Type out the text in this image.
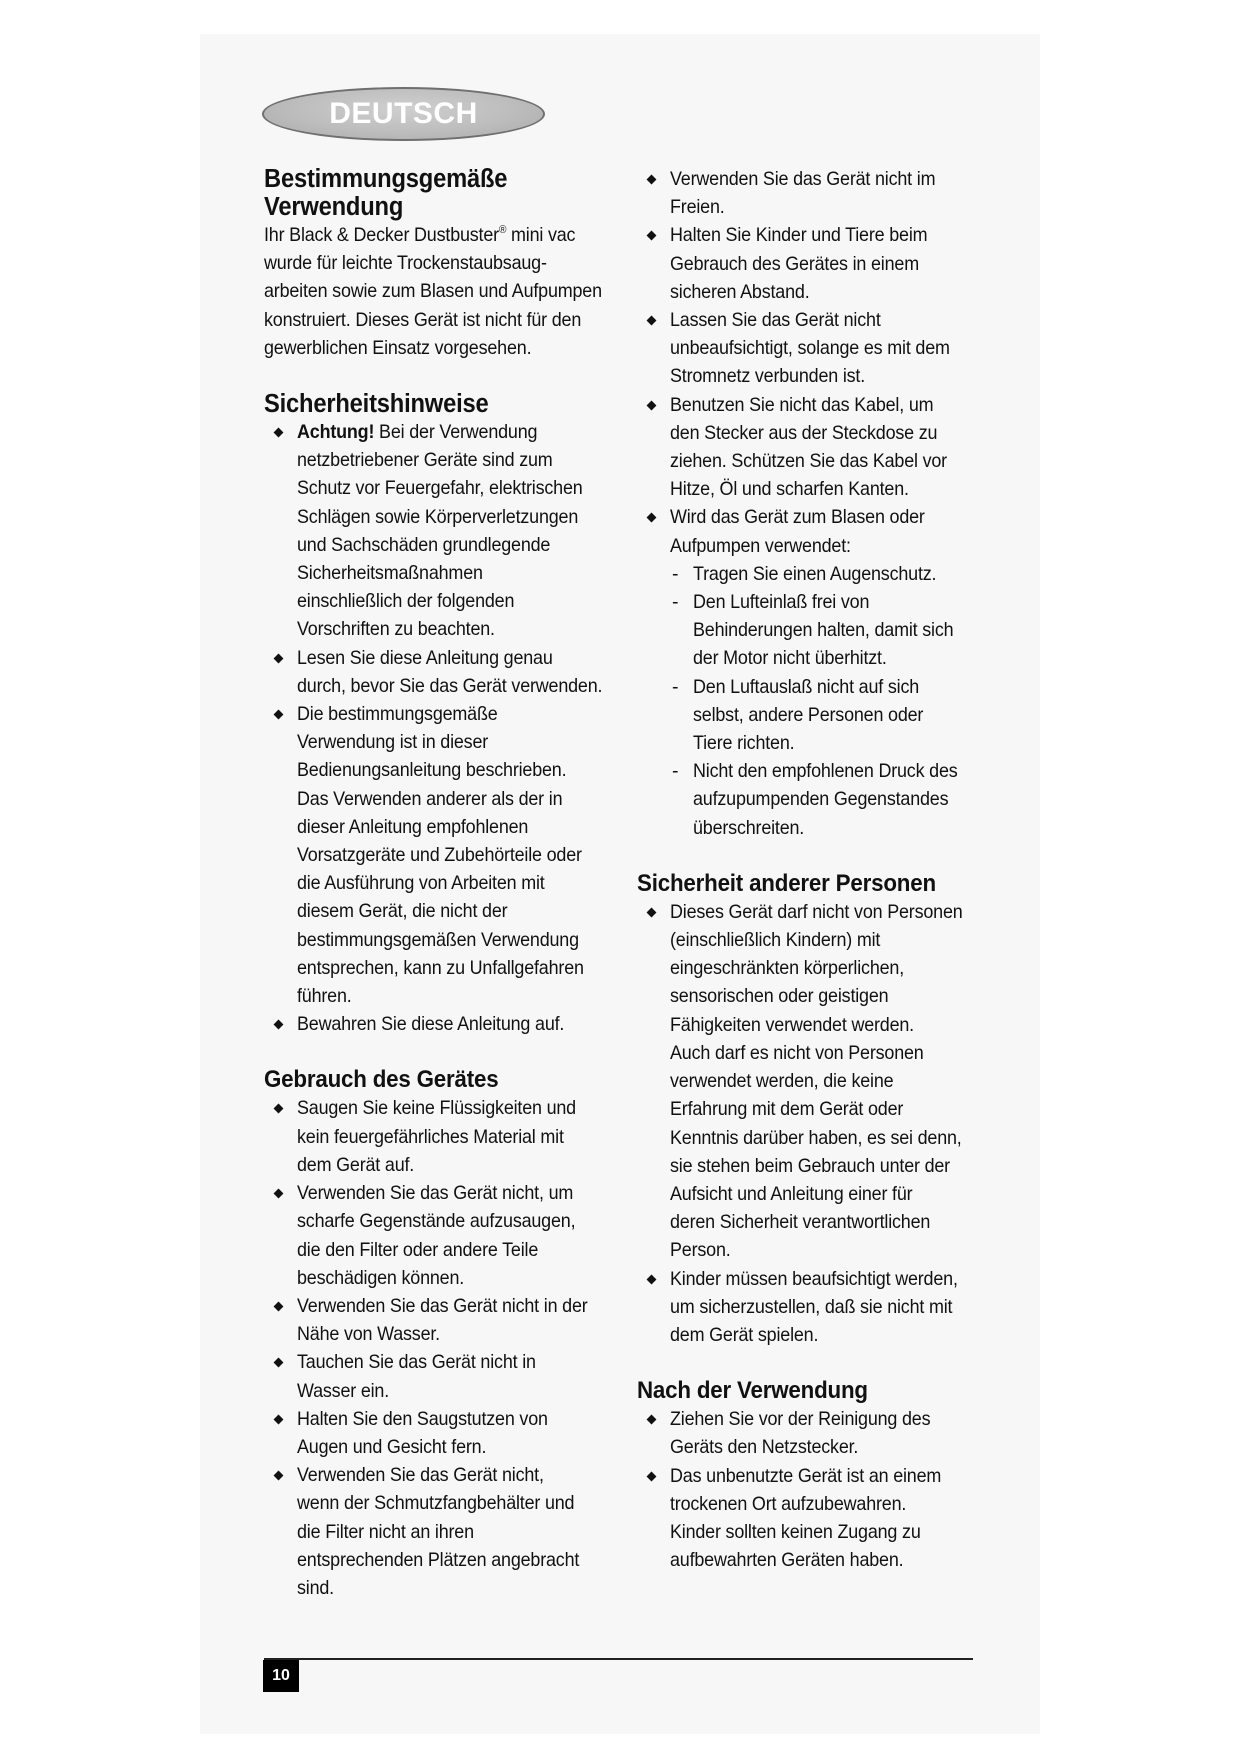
DEUTSCH
Bestimmungsgemäße
Verwendung

Ihr Black & Decker Dustbuster® mini vac

wurde für leichte Trockenstaubsaug-

arbeiten sowie zum Blasen und Aufpumpen

konstruiert. Dieses Gerät ist nicht für den

gewerblichen Einsatz vorgesehen.

Sicherheitshinweise

Achtung! Bei der Verwendung

netzbetriebener Geräte sind zum

Schutz vor Feuergefahr, elektrischen

Schlägen sowie Körperverletzungen

und Sachschäden grundlegende

Sicherheitsmaßnahmen

einschließlich der folgenden

Vorschriften zu beachten.

Lesen Sie diese Anleitung genau

durch, bevor Sie das Gerät verwenden.

Die bestimmungsgemäße

Verwendung ist in dieser

Bedienungsanleitung beschrieben.

Das Verwenden anderer als der in

dieser Anleitung empfohlenen

Vorsatzgeräte und Zubehörteile oder

die Ausführung von Arbeiten mit

diesem Gerät, die nicht der

bestimmungsgemäßen Verwendung

entsprechen, kann zu Unfallgefahren

führen.

Bewahren Sie diese Anleitung auf.

Gebrauch des Gerätes

Saugen Sie keine Flüssigkeiten und

kein feuergefährliches Material mit

dem Gerät auf.

Verwenden Sie das Gerät nicht, um

scharfe Gegenstände aufzusaugen,

die den Filter oder andere Teile

beschädigen können.

Verwenden Sie das Gerät nicht in der

Nähe von Wasser.

Tauchen Sie das Gerät nicht in

Wasser ein.

Halten Sie den Saugstutzen von

Augen und Gesicht fern.

Verwenden Sie das Gerät nicht,

wenn der Schmutzfangbehälter und

die Filter nicht an ihren

entsprechenden Plätzen angebracht

sind.

Verwenden Sie das Gerät nicht im

Freien.

Halten Sie Kinder und Tiere beim

Gebrauch des Gerätes in einem

sicheren Abstand.

Lassen Sie das Gerät nicht

unbeaufsichtigt, solange es mit dem

Stromnetz verbunden ist.

Benutzen Sie nicht das Kabel, um

den Stecker aus der Steckdose zu

ziehen. Schützen Sie das Kabel vor

Hitze, Öl und scharfen Kanten.

Wird das Gerät zum Blasen oder

Aufpumpen verwendet:

- Tragen Sie einen Augenschutz.

- Den Lufteinlaß frei von

Behinderungen halten, damit sich

der Motor nicht überhitzt.

- Den Luftauslaß nicht auf sich

selbst, andere Personen oder

Tiere richten.

- Nicht den empfohlenen Druck des

aufzupumpenden Gegenstandes

überschreiten.

Sicherheit anderer Personen

Dieses Gerät darf nicht von Personen

(einschließlich Kindern) mit

eingeschränkten körperlichen,

sensorischen oder geistigen

Fähigkeiten verwendet werden.

Auch darf es nicht von Personen

verwendet werden, die keine

Erfahrung mit dem Gerät oder

Kenntnis darüber haben, es sei denn,

sie stehen beim Gebrauch unter der

Aufsicht und Anleitung einer für

deren Sicherheit verantwortlichen

Person.

Kinder müssen beaufsichtigt werden,

um sicherzustellen, daß sie nicht mit

dem Gerät spielen.

Nach der Verwendung

Ziehen Sie vor der Reinigung des

Geräts den Netzstecker.

Das unbenutzte Gerät ist an einem

trockenen Ort aufzubewahren.

Kinder sollten keinen Zugang zu

aufbewahrten Geräten haben.

10
